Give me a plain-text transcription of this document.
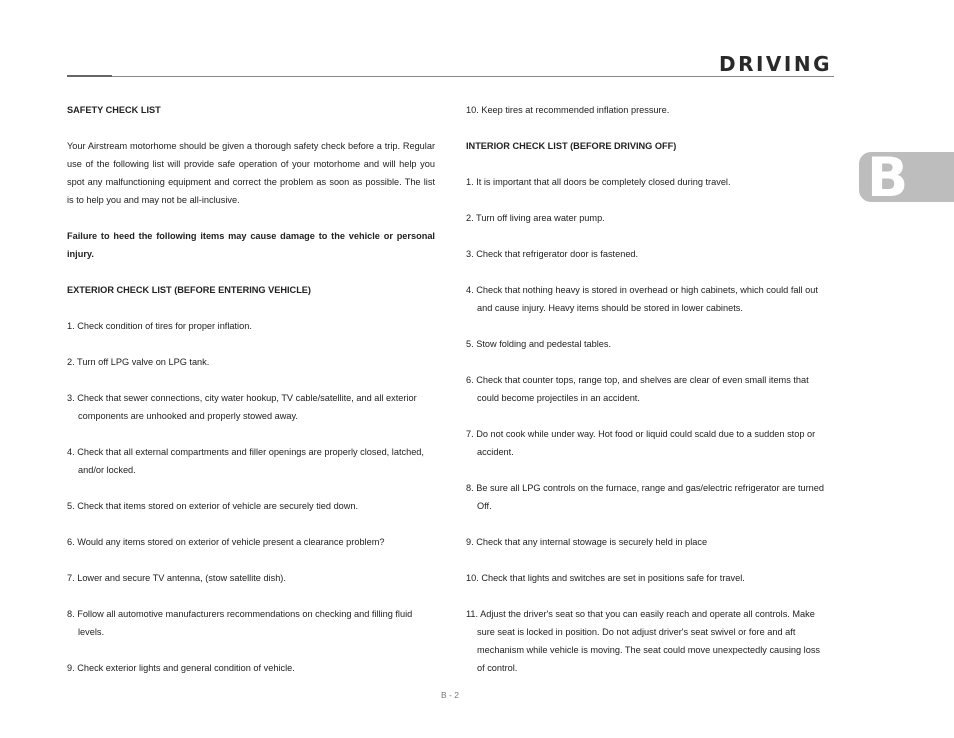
DRIVING
B

SAFETY CHECK LIST

Your Airstream motorhome should be given a thorough safety check before a trip. Regular use of the following list will provide safe operation of your motorhome and will help you spot any malfunctioning equipment and correct the problem as soon as possible. The list is to help you and may not be all-inclusive.

Failure to heed the following items may cause damage to the vehicle or personal injury.

EXTERIOR CHECK LIST (BEFORE ENTERING VEHICLE)

1. Check condition of tires for proper inflation.

2. Turn off LPG valve on LPG tank.

3. Check that sewer connections, city water hookup, TV cable/satellite, and all exterior components are unhooked and properly stowed away.

4. Check that all external compartments and filler openings are properly closed, latched, and/or locked.

5. Check that items stored on exterior of vehicle are securely tied down.

6. Would any items stored on exterior of vehicle present a clearance problem?

7. Lower and secure TV antenna, (stow satellite dish).

8. Follow all automotive manufacturers recommendations on checking and filling fluid levels.

9. Check exterior lights and general condition of vehicle.

10. Keep tires at recommended inflation pressure.

INTERIOR CHECK LIST (BEFORE DRIVING OFF)

1. It is important that all doors be completely closed during travel.

2. Turn off living area water pump.

3. Check that refrigerator door is fastened.

4. Check that nothing heavy is stored in overhead or high cabinets, which could fall out and cause injury. Heavy items should be stored in lower cabinets.

5. Stow folding and pedestal tables.

6. Check that counter tops, range top, and shelves are clear of even small items that could become projectiles in an accident.

7. Do not cook while under way. Hot food or liquid could scald due to a sudden stop or accident.

8. Be sure all LPG controls on the furnace, range and gas/electric refrigerator are turned Off.

9. Check that any internal stowage is securely held in place

10. Check that lights and switches are set in positions safe for travel.

11. Adjust the driver's seat so that you can easily reach and operate all controls. Make sure seat is locked in position. Do not adjust driver's seat swivel or fore and aft mechanism while vehicle is moving. The seat could move unexpectedly causing loss of control.

B - 2
